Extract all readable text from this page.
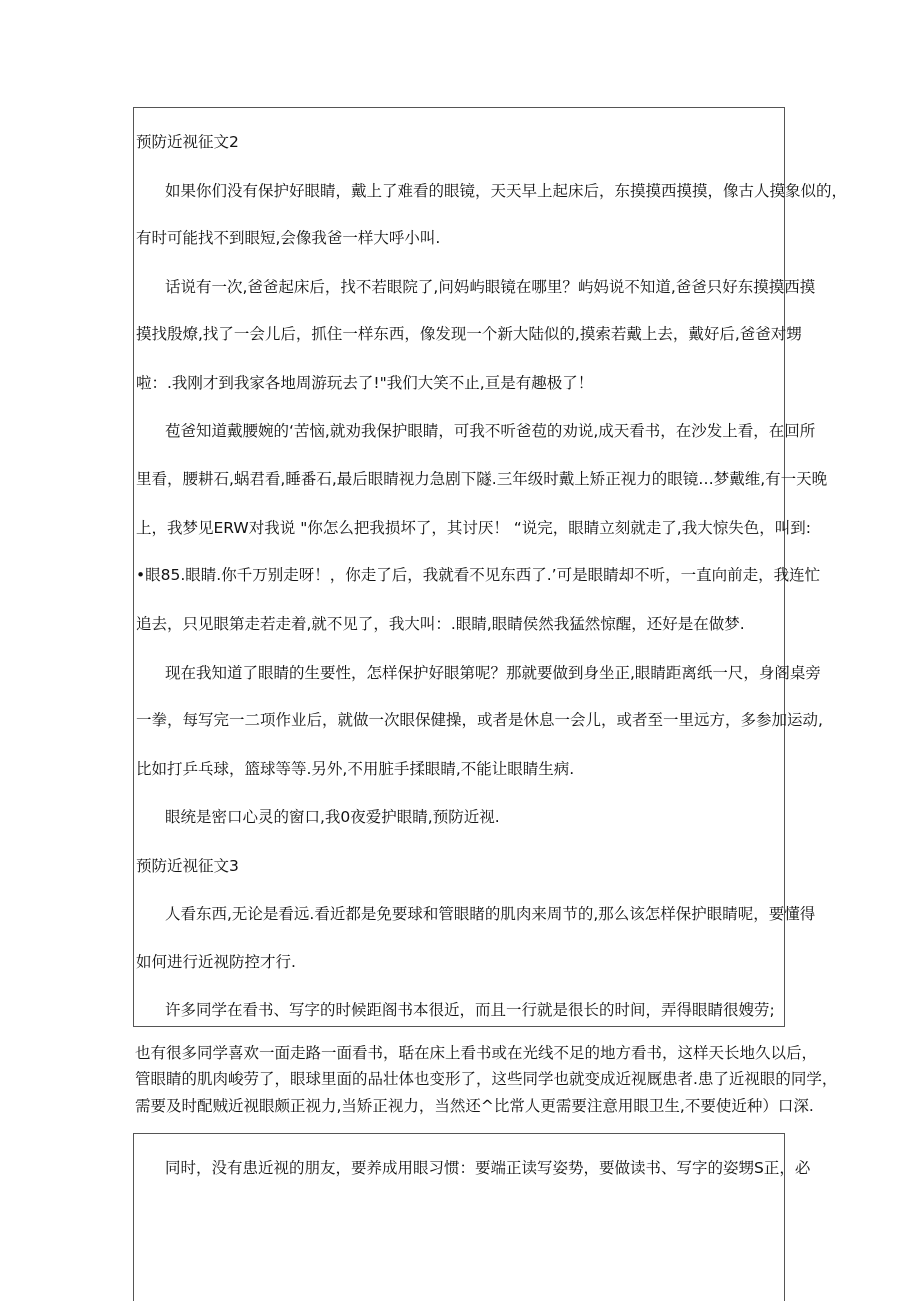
预防近视征文2
如果你们没有保护好眼睛，戴上了难看的眼镜，天天早上起床后，东摸摸西摸摸，像古人摸象似的，
有时可能找不到眼短,会像我爸一样大呼小叫.
话说有一次,爸爸起床后，找不若眼院了,问妈屿眼镜在哪里？屿妈说不知道,爸爸只好东摸摸西摸
摸找殷燎,找了一会儿后，抓住一样东西，像发现一个新大陆似的,摸索若戴上去，戴好后,爸爸对甥
啦：.我刚才到我家各地周游玩去了!"我们大笑不止,亘是有趣极了！
苞爸知道戴腰婉的‘苦恼,就劝我保护眼睛，可我不听爸苞的劝说,成天看书，在沙发上看，在回所
里看，腰耕石,蜗君看,睡番石,最后眼睛视力急剧下隧.三年级时戴上矫正视力的眼镜…梦戴维,有一天晚
上，我梦见ERW对我说 "你怎么把我损坏了，其讨厌！ “说完，眼睛立刻就走了,我大惊失色，叫到:
•眼85.眼睛.你千万别走呀！，你走了后，我就看不见东西了.’可是眼睛却不听，一直向前走，我连忙
追去，只见眼第走若走着,就不见了，我大叫：.眼睛,眼睛侯然我猛然惊醒，还好是在做梦.
现在我知道了眼睛的生要性，怎样保护好眼第呢？那就要做到身坐正,眼睛距离纸一尺，身阁桌旁
一拳，每写完一二项作业后，就做一次眼保健操，或者是休息一会儿，或者至一里远方，多参加运动,
比如打乒乓球，篮球等等.另外,不用脏手揉眼睛,不能让眼睛生病.
眼统是密口心灵的窗口,我0夜爱护眼睛,预防近视.
预防近视征文3
人看东西,无论是看远.看近都是免要球和管眼睹的肌肉来周节的,那么该怎样保护眼睛呢，要懂得
如何进行近视防控才行.
许多同学在看书、写字的时候距阁书本很近，而且一行就是很长的时间，弄得眼睛很嫂劳;
也有很多同学喜欢一面走路一面看书，聒在床上看书或在光线不足的地方看书，这样天长地久以后，
管眼睛的肌肉峻劳了，眼球里面的品壮体也变形了，这些同学也就变成近视厩患者.患了近视眼的同学，
需要及时配贼近视眼颇正视力,当矫正视力，当然还^比常人更需要注意用眼卫生,不要使近种）口深.
同时，没有患近视的朋友，要养成用眼习惯：要端正读写姿势，要做读书、写字的姿甥S正，必
